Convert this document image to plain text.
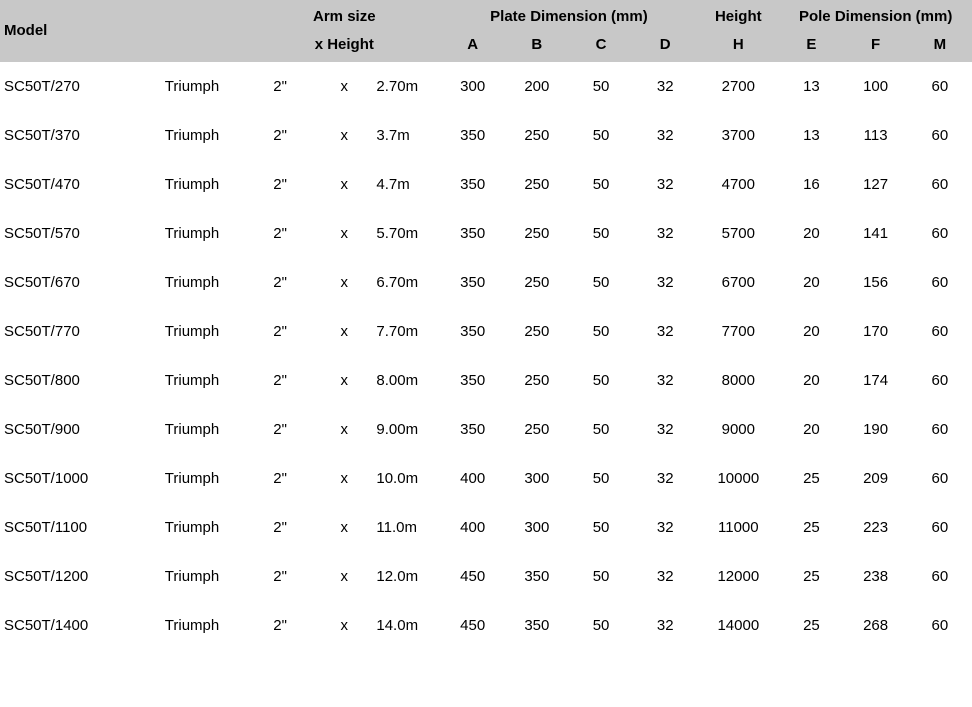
Model		Arm size			Plate Dimension (mm)				Height	Pole Dimension (mm)		
		x Height			A	B	C	D	H	E	F	M
SC50T/270	Triumph	2"	x	2.70m	300	200	50	32	2700	13	100	60
SC50T/370	Triumph	2"	x	3.7m	350	250	50	32	3700	13	113	60
SC50T/470	Triumph	2"	x	4.7m	350	250	50	32	4700	16	127	60
SC50T/570	Triumph	2"	x	5.70m	350	250	50	32	5700	20	141	60
SC50T/670	Triumph	2"	x	6.70m	350	250	50	32	6700	20	156	60
SC50T/770	Triumph	2"	x	7.70m	350	250	50	32	7700	20	170	60
SC50T/800	Triumph	2"	x	8.00m	350	250	50	32	8000	20	174	60
SC50T/900	Triumph	2"	x	9.00m	350	250	50	32	9000	20	190	60
SC50T/1000	Triumph	2"	x	10.0m	400	300	50	32	10000	25	209	60
SC50T/1100	Triumph	2"	x	11.0m	400	300	50	32	11000	25	223	60
SC50T/1200	Triumph	2"	x	12.0m	450	350	50	32	12000	25	238	60
SC50T/1400	Triumph	2"	x	14.0m	450	350	50	32	14000	25	268	60
